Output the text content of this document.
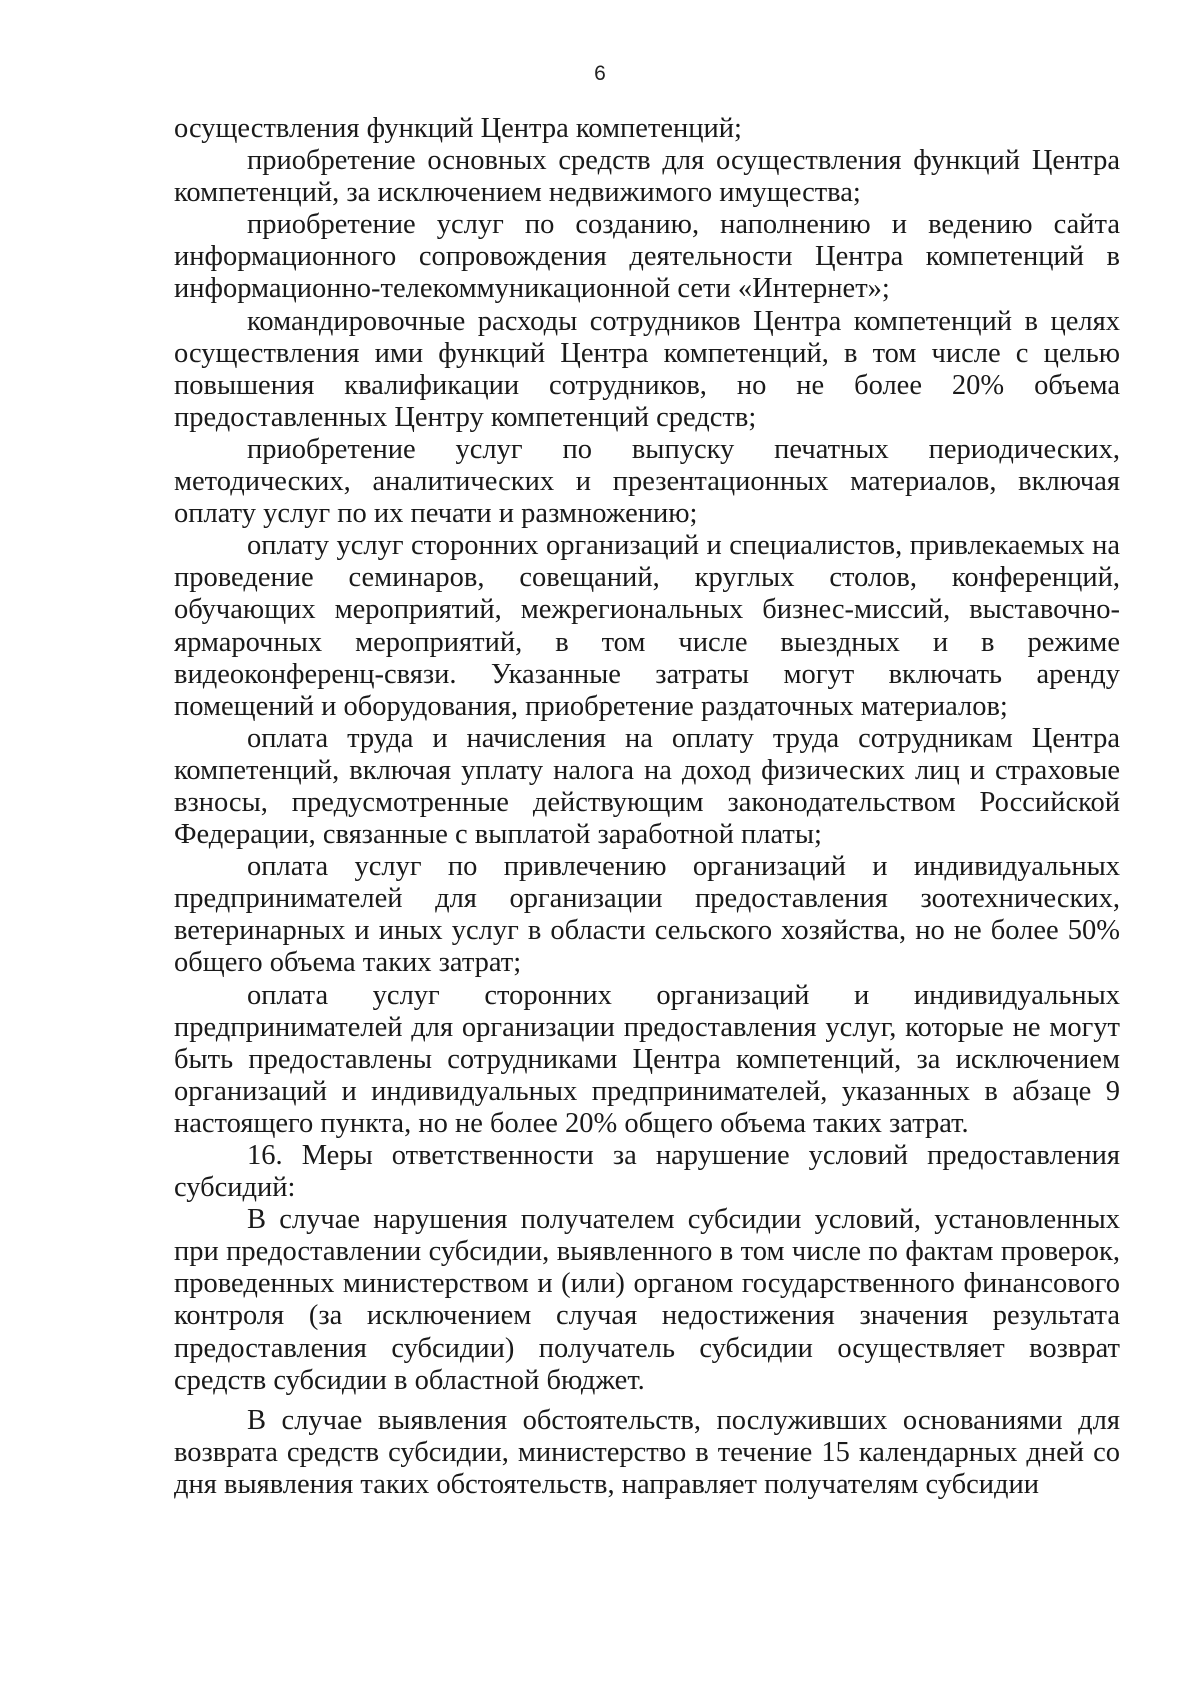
6

осуществления функций Центра компетенций;

приобретение основных средств для осуществления функций Центра компетенций, за исключением недвижимого имущества;

приобретение услуг по созданию, наполнению и ведению сайта информационного сопровождения деятельности Центра компетенций в информационно-телекоммуникационной сети «Интернет»;

командировочные расходы сотрудников Центра компетенций в целях осуществления ими функций Центра компетенций, в том числе с целью повышения квалификации сотрудников, но не более 20% объема предоставленных Центру компетенций средств;

приобретение услуг по выпуску печатных периодических, методических, аналитических и презентационных материалов, включая оплату услуг по их печати и размножению;

оплату услуг сторонних организаций и специалистов, привлекаемых на проведение семинаров, совещаний, круглых столов, конференций, обучающих мероприятий, межрегиональных бизнес-миссий, выставочно-ярмарочных мероприятий, в том числе выездных и в режиме видеоконференц-связи. Указанные затраты могут включать аренду помещений и оборудования, приобретение раздаточных материалов;

оплата труда и начисления на оплату труда сотрудникам Центра компетенций, включая уплату налога на доход физических лиц и страховые взносы, предусмотренные действующим законодательством Российской Федерации, связанные с выплатой заработной платы;

оплата услуг по привлечению организаций и индивидуальных предпринимателей для организации предоставления зоотехнических, ветеринарных и иных услуг в области сельского хозяйства, но не более 50% общего объема таких затрат;

оплата услуг сторонних организаций и индивидуальных предпринимателей для организации предоставления услуг, которые не могут быть предоставлены сотрудниками Центра компетенций, за исключением организаций и индивидуальных предпринимателей, указанных в абзаце 9 настоящего пункта, но не более 20% общего объема таких затрат.

16. Меры ответственности за нарушение условий предоставления субсидий:

В случае нарушения получателем субсидии условий, установленных при предоставлении субсидии, выявленного в том числе по фактам проверок, проведенных министерством и (или) органом государственного финансового контроля (за исключением случая недостижения значения результата предоставления субсидии) получатель субсидии осуществляет возврат средств субсидии в областной бюджет.

В случае выявления обстоятельств, послуживших основаниями для возврата средств субсидии, министерство в течение 15 календарных дней со дня выявления таких обстоятельств, направляет получателям субсидии
